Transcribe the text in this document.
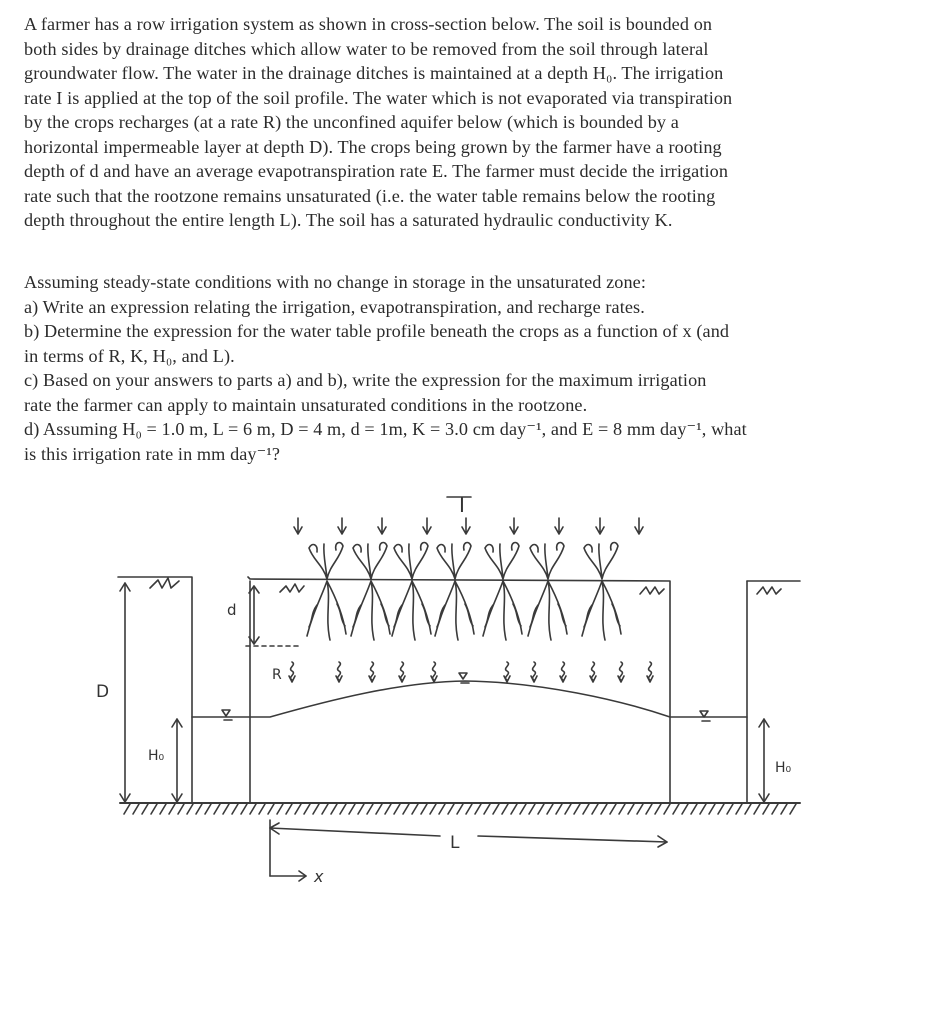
A farmer has a row irrigation system as shown in cross-section below. The soil is bounded on
both sides by drainage ditches which allow water to be removed from the soil through lateral
groundwater flow. The water in the drainage ditches is maintained at a depth H₀. The irrigation
rate I is applied at the top of the soil profile. The water which is not evaporated via transpiration
by the crops recharges (at a rate R) the unconfined aquifer below (which is bounded by a
horizontal impermeable layer at depth D). The crops being grown by the farmer have a rooting
depth of d and have an average evapotranspiration rate E. The farmer must decide the irrigation
rate such that the rootzone remains unsaturated (i.e. the water table remains below the rooting
depth throughout the entire length L). The soil has a saturated hydraulic conductivity K.
Assuming steady-state conditions with no change in storage in the unsaturated zone:
a) Write an expression relating the irrigation, evapotranspiration, and recharge rates.
b) Determine the expression for the water table profile beneath the crops as a function of x (and
in terms of R, K, H₀, and L).
c) Based on your answers to parts a) and b), write the expression for the maximum irrigation
rate the farmer can apply to maintain unsaturated conditions in the rootzone.
d) Assuming H₀ = 1.0 m, L = 6 m, D = 4 m, d = 1m, K = 3.0 cm day⁻¹, and E = 8 mm day⁻¹, what
is this irrigation rate in mm day⁻¹?
I
d
R
D
H₀
H₀
L
x
